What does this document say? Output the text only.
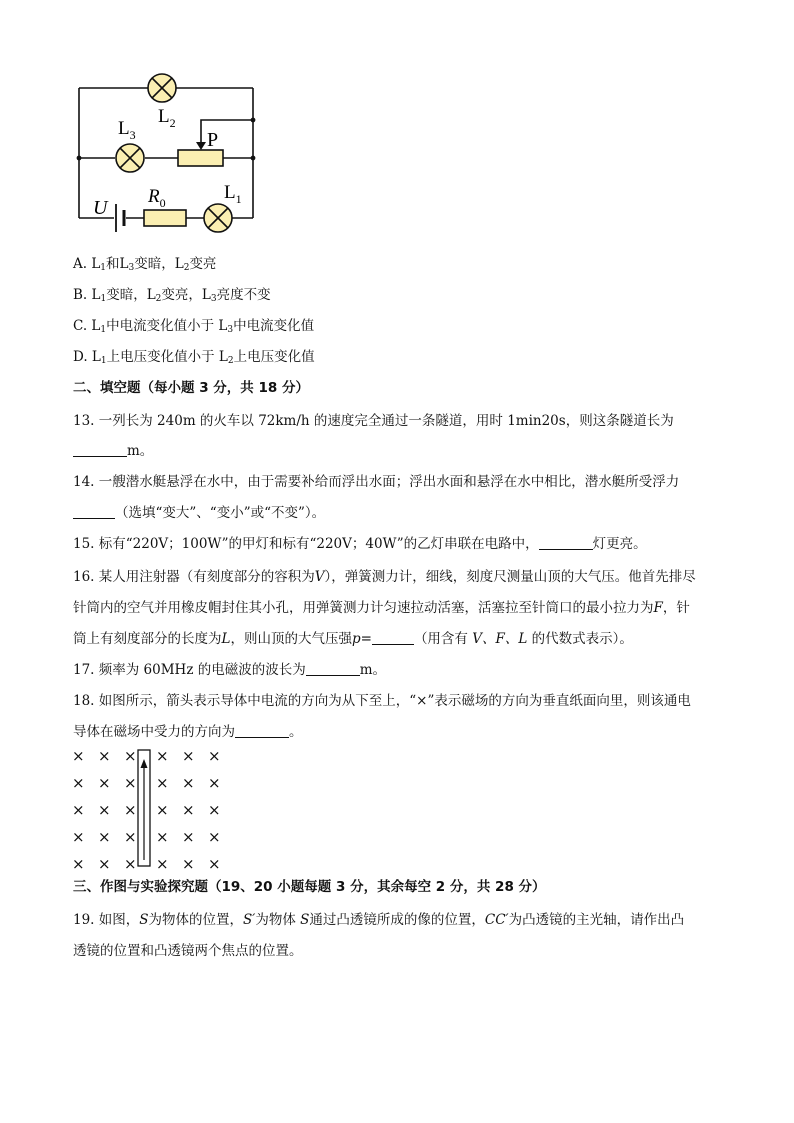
$L_2$
$L_3$	P
U
$R_0$	$L_1$
A. $L_1$和$L_3$变暗，$L_2$变亮
B. $L_1$变暗，$L_2$变亮，$L_3$亮度不变
C. $L_1$中电流变化值小于 $L_3$中电流变化值
D. $L_1$上电压变化值小于 $L_2$上电压变化值
二、填空题（每小题 3 分，共 18 分）
13. 一列长为 240m 的火车以 72km/h 的速度完全通过一条隧道，用时 1min20s，则这条隧道长为
m。
14. 一艘潜水艇悬浮在水中，由于需要补给而浮出水面；浮出水面和悬浮在水中相比，潜水艇所受浮力
（选填“变大”、“变小”或“不变”）。
15. 标有“220V；100W”的甲灯和标有“220V；40W”的乙灯串联在电路中，	灯更亮。
16. 某人用注射器（有刻度部分的容积为V），弹簧测力计，细线，刻度尺测量山顶的大气压。他首先排尽
针筒内的空气并用橡皮帽封住其小孔，用弹簧测力计匀速拉动活塞，活塞拉至针筒口的最小拉力为F，针
筒上有刻度部分的长度为L，则山顶的大气压强p=	（用含有 V、F、L 的代数式表示）。
17. 频率为 60MHz 的电磁波的波长为	m。
18. 如图所示，箭头表示导体中电流的方向为从下至上，“×”表示磁场的方向为垂直纸面向里，则该通电
导体在磁场中受力的方向为	。
× × × × × ×
× × × × × ×
× × × × × ×
× × × × × ×
× × × × × ×
三、作图与实验探究题（19、20 小题每题 3 分，其余每空 2 分，共 28 分）
19. 如图，S为物体的位置，S′为物体 S通过凸透镜所成的像的位置，CC′为凸透镜的主光轴，请作出凸
透镜的位置和凸透镜两个焦点的位置。
